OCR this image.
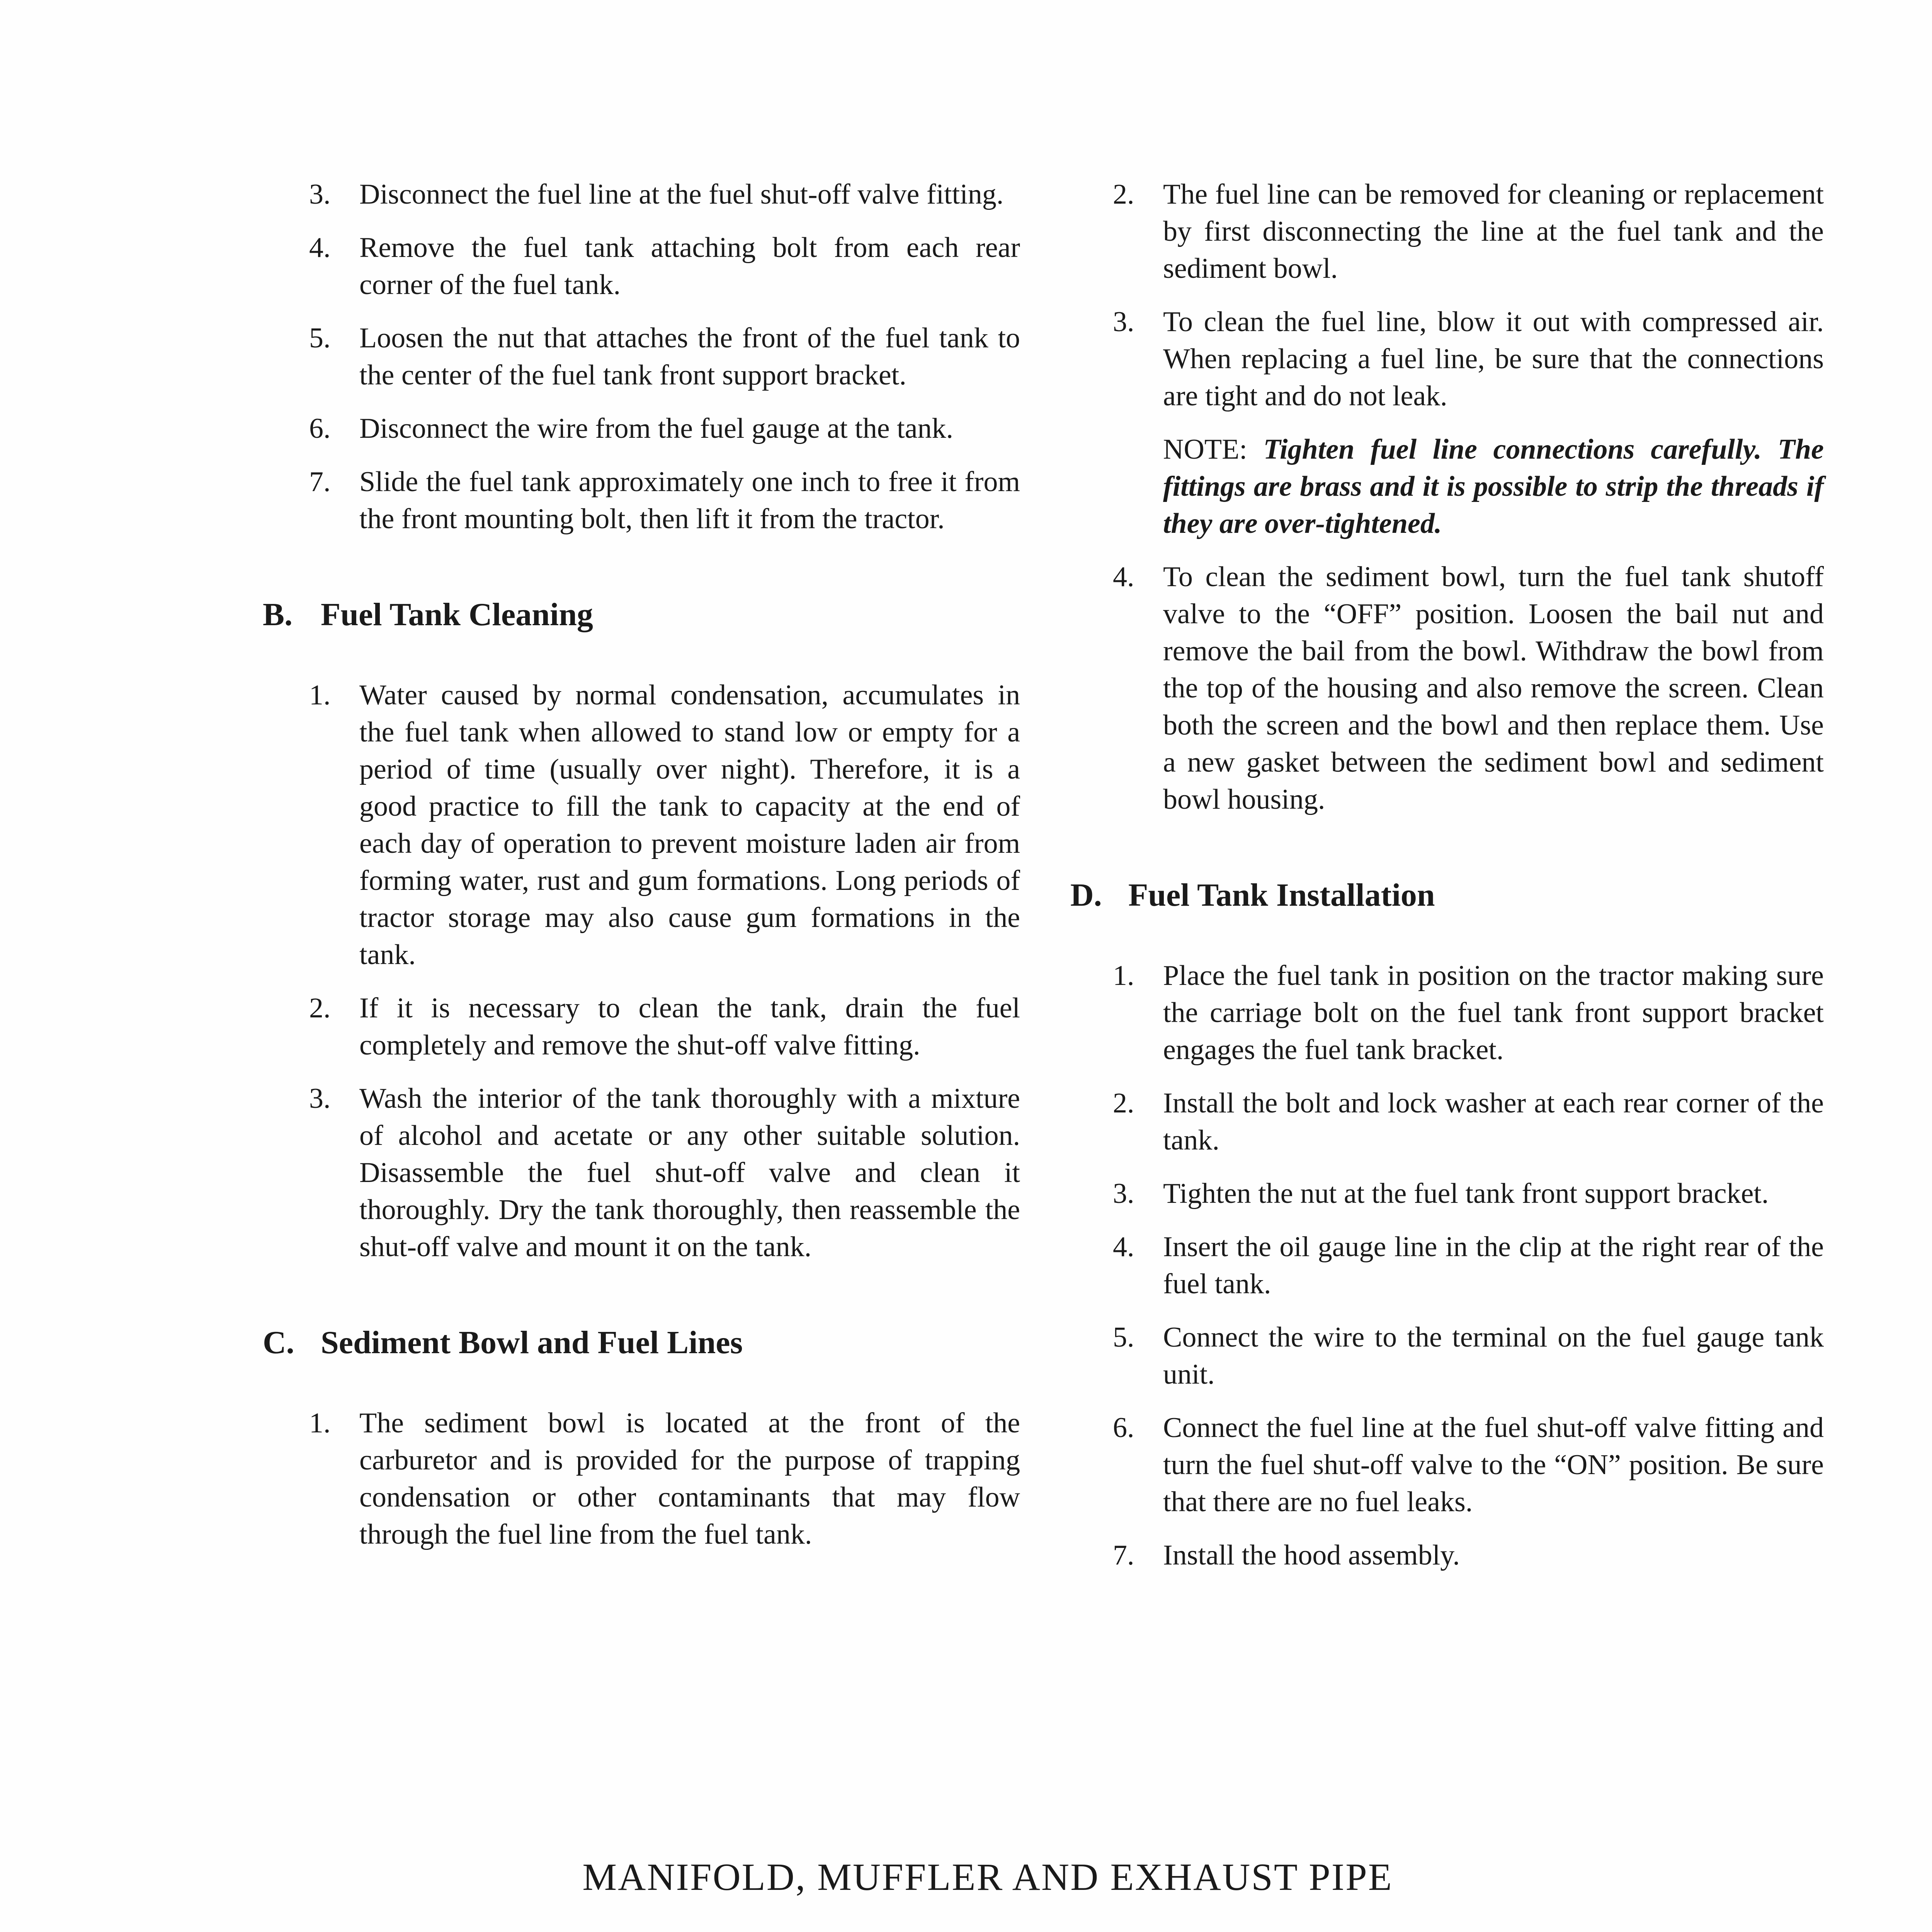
3. Disconnect the fuel line at the fuel shut-off valve fitting.
4. Remove the fuel tank attaching bolt from each rear corner of the fuel tank.
5. Loosen the nut that attaches the front of the fuel tank to the center of the fuel tank front support bracket.
6. Disconnect the wire from the fuel gauge at the tank.
7. Slide the fuel tank approximately one inch to free it from the front mounting bolt, then lift it from the tractor.
B. Fuel Tank Cleaning
1. Water caused by normal condensation, accumulates in the fuel tank when allowed to stand low or empty for a period of time (usually over night). Therefore, it is a good practice to fill the tank to capacity at the end of each day of operation to prevent moisture laden air from forming water, rust and gum formations. Long periods of tractor storage may also cause gum formations in the tank.
2. If it is necessary to clean the tank, drain the fuel completely and remove the shut-off valve fitting.
3. Wash the interior of the tank thoroughly with a mixture of alcohol and acetate or any other suitable solution. Disassemble the fuel shut-off valve and clean it thoroughly. Dry the tank thoroughly, then reassemble the shut-off valve and mount it on the tank.
C. Sediment Bowl and Fuel Lines
1. The sediment bowl is located at the front of the carburetor and is provided for the purpose of trapping condensation or other contaminants that may flow through the fuel line from the fuel tank.
2. The fuel line can be removed for cleaning or replacement by first disconnecting the line at the fuel tank and the sediment bowl.
3. To clean the fuel line, blow it out with compressed air. When replacing a fuel line, be sure that the connections are tight and do not leak.
NOTE: Tighten fuel line connections carefully. The fittings are brass and it is possible to strip the threads if they are over-tightened.
4. To clean the sediment bowl, turn the fuel tank shutoff valve to the “OFF” position. Loosen the bail nut and remove the bail from the bowl. Withdraw the bowl from the top of the housing and also remove the screen. Clean both the screen and the bowl and then replace them. Use a new gasket between the sediment bowl and sediment bowl housing.
D. Fuel Tank Installation
1. Place the fuel tank in position on the tractor making sure the carriage bolt on the fuel tank front support bracket engages the fuel tank bracket.
2. Install the bolt and lock washer at each rear corner of the tank.
3. Tighten the nut at the fuel tank front support bracket.
4. Insert the oil gauge line in the clip at the right rear of the fuel tank.
5. Connect the wire to the terminal on the fuel gauge tank unit.
6. Connect the fuel line at the fuel shut-off valve fitting and turn the fuel shut-off valve to the “ON” position. Be sure that there are no fuel leaks.
7. Install the hood assembly.
MANIFOLD, MUFFLER AND EXHAUST PIPE
